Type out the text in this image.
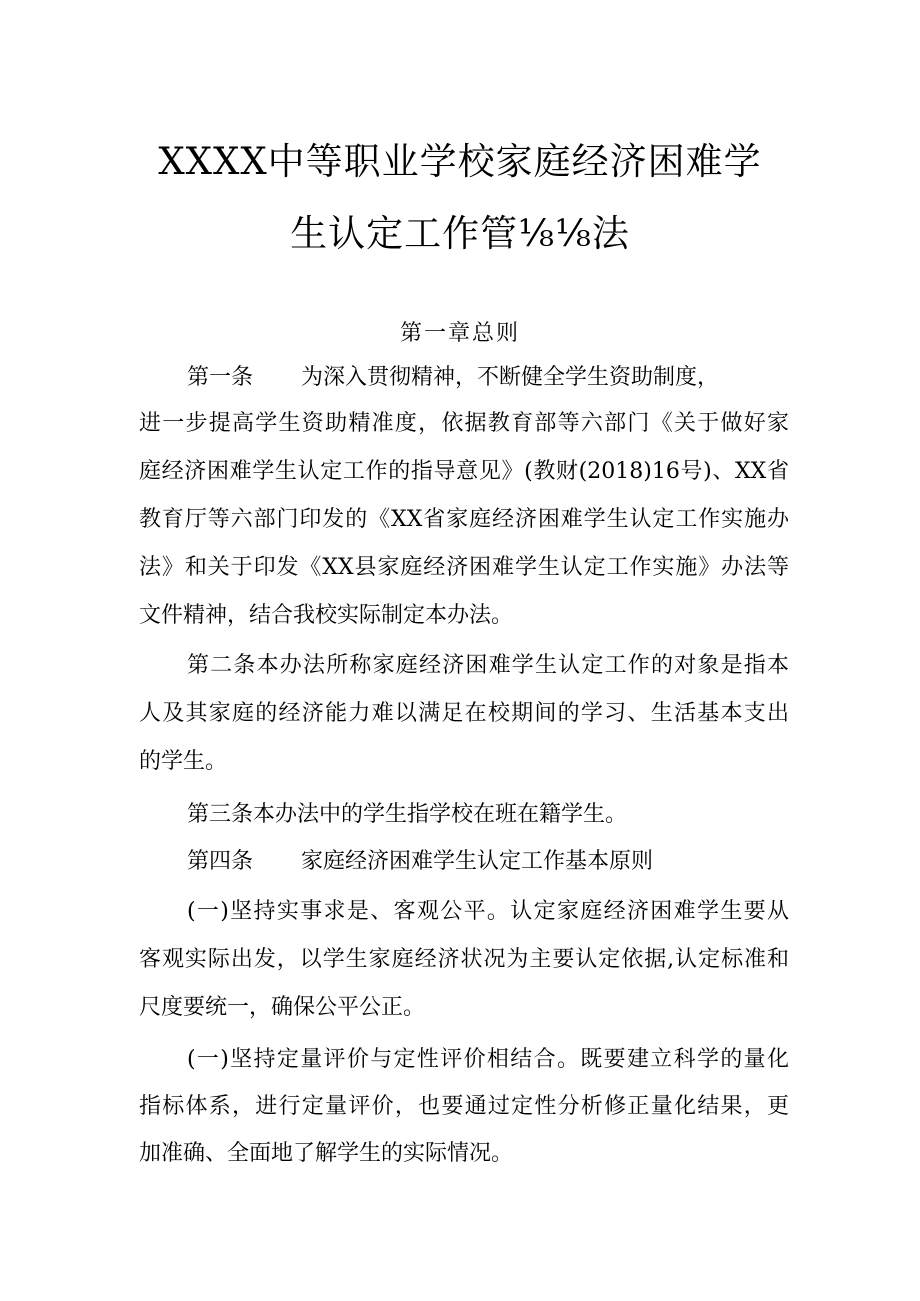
XXXX中等职业学校家庭经济困难学
生认定工作管⅛⅛法
第一章总则
第一条 为深入贯彻精神，不断健全学生资助制度，
进一步提高学生资助精准度，依据教育部等六部门《关于做好家
庭经济困难学生认定工作的指导意见》(教财(2018)16号)、XX省
教育厅等六部门印发的《XX省家庭经济困难学生认定工作实施办
法》和关于印发《XX县家庭经济困难学生认定工作实施》办法等
文件精神，结合我校实际制定本办法。
第二条本办法所称家庭经济困难学生认定工作的对象是指本
人及其家庭的经济能力难以满足在校期间的学习、生活基本支出
的学生。
第三条本办法中的学生指学校在班在籍学生。
第四条 家庭经济困难学生认定工作基本原则
(一)坚持实事求是、客观公平。认定家庭经济困难学生要从
客观实际出发，以学生家庭经济状况为主要认定依据,认定标准和
尺度要统一，确保公平公正。
(一)坚持定量评价与定性评价相结合。既要建立科学的量化
指标体系，进行定量评价，也要通过定性分析修正量化结果，更
加准确、全面地了解学生的实际情况。
